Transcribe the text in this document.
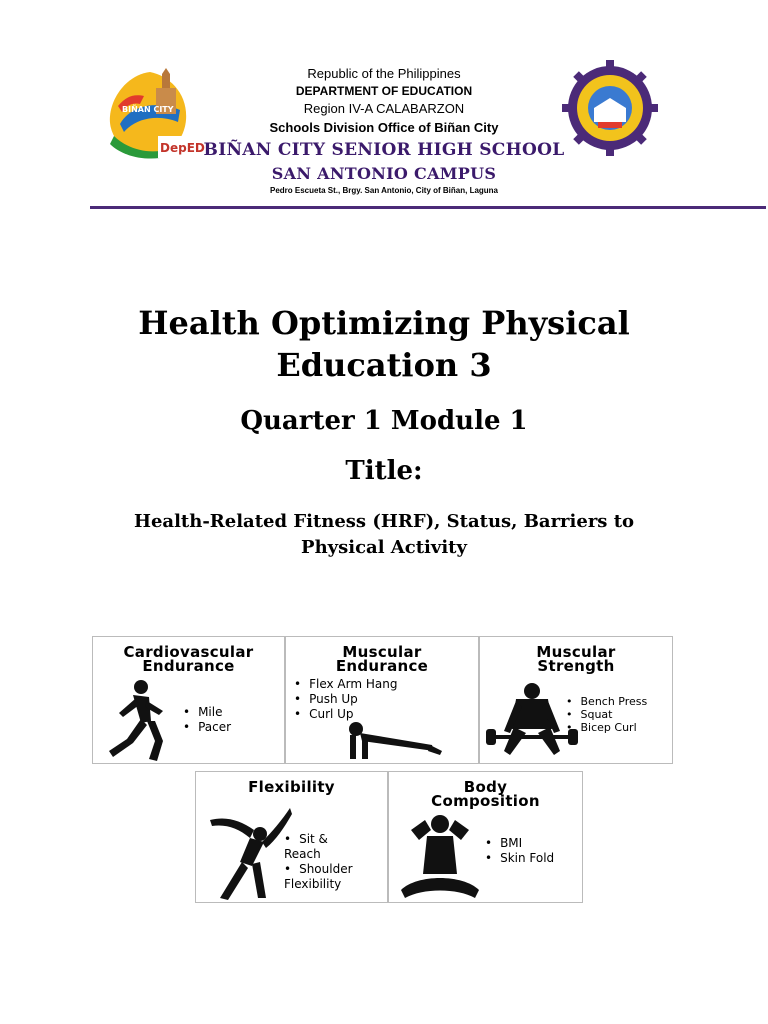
BIÑAN CITY
DepED
Biñan City Senior High School San Antonio Campus
Republic of the Philippines
DEPARTMENT OF EDUCATION
Region IV-A CALABARZON
Schools Division Office of Biñan City
BIÑAN CITY SENIOR HIGH SCHOOL
SAN ANTONIO CAMPUS
Pedro Escueta St., Brgy. San Antonio, City of Biñan, Laguna
Health Optimizing Physical
Education 3
Quarter 1 Module 1
Title:
Health-Related Fitness (HRF), Status, Barriers to
Physical Activity
Cardiovascular
Endurance
• Mile
• Pacer
Muscular
Endurance
• Flex Arm Hang
• Push Up
• Curl Up
Muscular
Strength
• Bench Press
• Squat
• Bicep Curl
Flexibility
• Sit & Reach
• Shoulder Flexibility
Body
Composition
• BMI
• Skin Fold
